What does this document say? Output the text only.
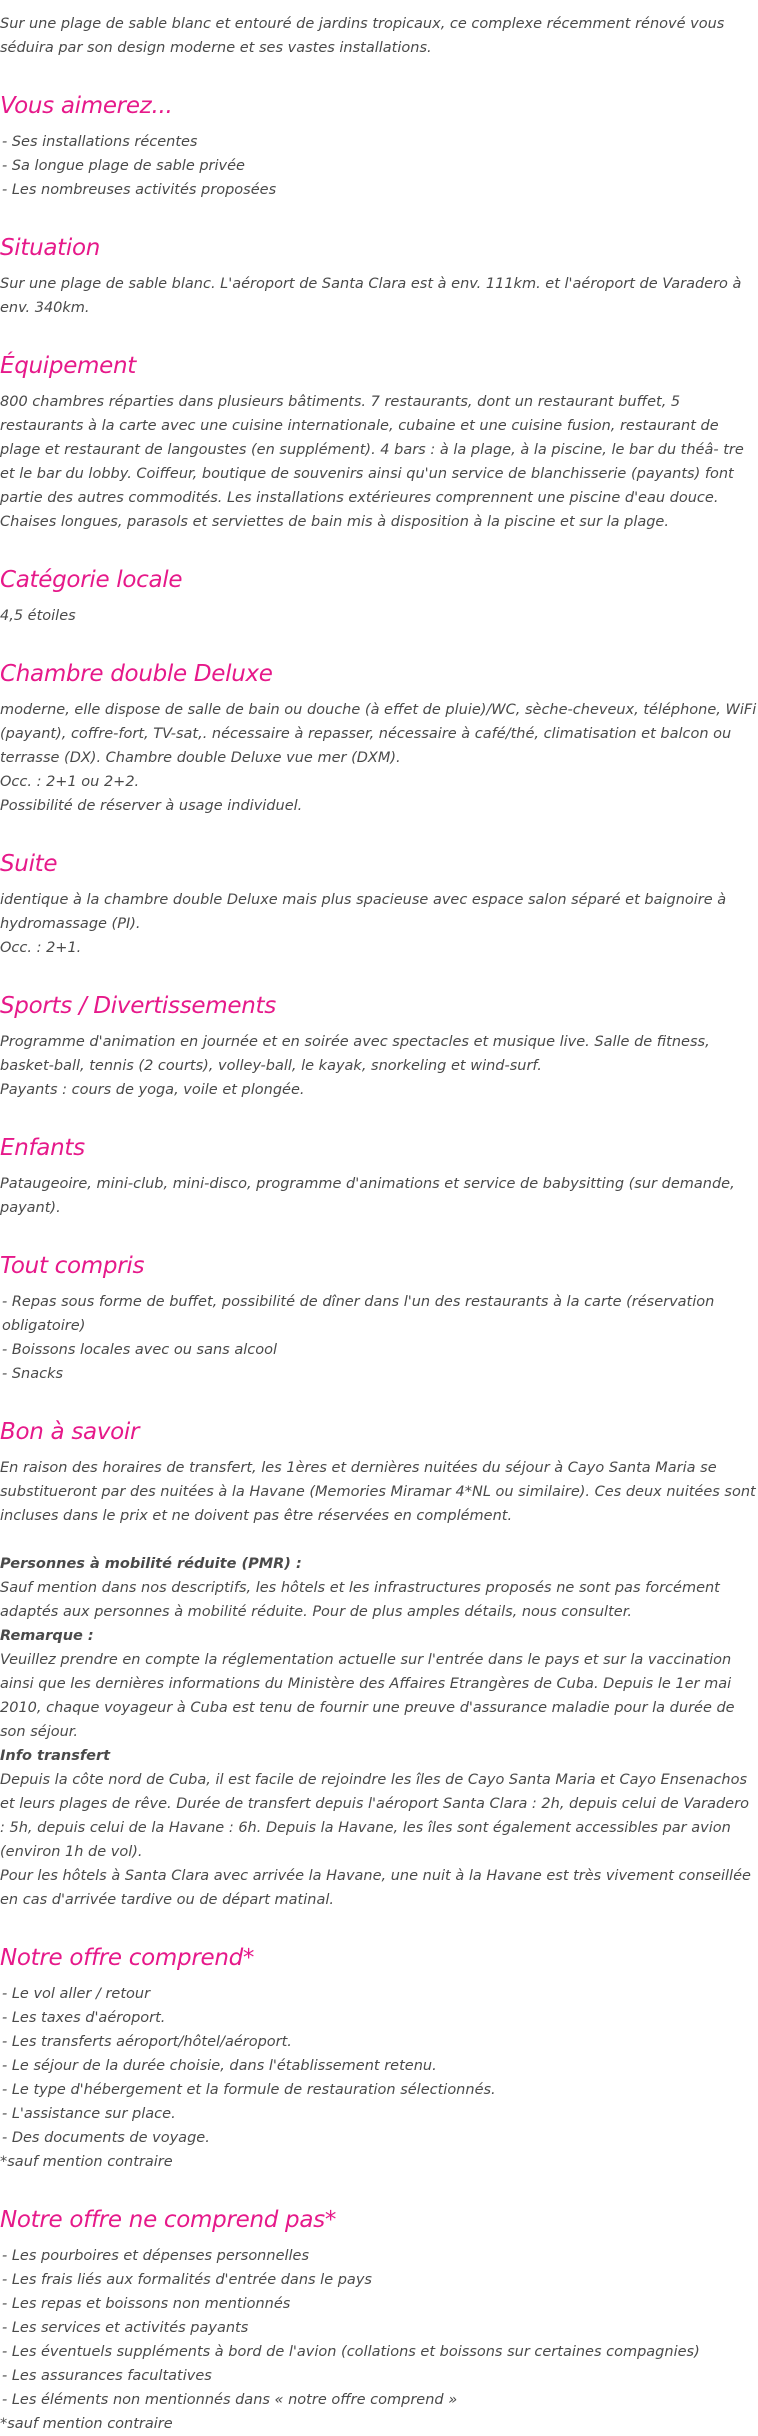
Sur une plage de sable blanc et entouré de jardins tropicaux, ce complexe récemment rénové vous séduira par son design moderne et ses vastes installations.

Vous aimerez...

- Ses installations récentes

- Sa longue plage de sable privée

- Les nombreuses activités proposées

Situation

Sur une plage de sable blanc. L'aéroport de Santa Clara est à env. 111km. et l'aéroport de Varadero à env. 340km.

Équipement

800 chambres réparties dans plusieurs bâtiments. 7 restaurants, dont un restaurant buffet, 5 restaurants à la carte avec une cuisine internationale, cubaine et une cuisine fusion, restaurant de plage et restaurant de langoustes (en supplément). 4 bars : à la plage, à la piscine, le bar du théâ- tre et le bar du lobby. Coiffeur, boutique de souvenirs ainsi qu'un service de blanchisserie (payants) font partie des autres commodités. Les installations extérieures comprennent une piscine d'eau douce. Chaises longues, parasols et serviettes de bain mis à disposition à la piscine et sur la plage.

Catégorie locale

4,5 étoiles

Chambre double Deluxe

moderne, elle dispose de salle de bain ou douche (à effet de pluie)/WC, sèche-cheveux, téléphone, WiFi (payant), coffre-fort, TV-sat,. nécessaire à repasser, nécessaire à café/thé, climatisation et balcon ou terrasse (DX). Chambre double Deluxe vue mer (DXM).

Occ. : 2+1 ou 2+2.

Possibilité de réserver à usage individuel.

Suite

identique à la chambre double Deluxe mais plus spacieuse avec espace salon séparé et baignoire à hydromassage (PI).

Occ. : 2+1.

Sports / Divertissements

Programme d'animation en journée et en soirée avec spectacles et musique live. Salle de fitness, basket-ball, tennis (2 courts), volley-ball, le kayak, snorkeling et wind-surf.

Payants : cours de yoga, voile et plongée.

Enfants

Pataugeoire, mini-club, mini-disco, programme d'animations et service de babysitting (sur demande, payant).

Tout compris

- Repas sous forme de buffet, possibilité de dîner dans l'un des restaurants à la carte (réservation obligatoire)

- Boissons locales avec ou sans alcool

- Snacks

Bon à savoir

En raison des horaires de transfert, les 1ères et dernières nuitées du séjour à Cayo Santa Maria se substitueront par des nuitées à la Havane (Memories Miramar 4*NL ou similaire). Ces deux nuitées sont incluses dans le prix et ne doivent pas être réservées en complément.

Personnes à mobilité réduite (PMR) :

Sauf mention dans nos descriptifs, les hôtels et les infrastructures proposés ne sont pas forcément adaptés aux personnes à mobilité réduite. Pour de plus amples détails, nous consulter.

Remarque :

Veuillez prendre en compte la réglementation actuelle sur l'entrée dans le pays et sur la vaccination ainsi que les dernières informations du Ministère des Affaires Etrangères de Cuba. Depuis le 1er mai 2010, chaque voyageur à Cuba est tenu de fournir une preuve d'assurance maladie pour la durée de son séjour.

Info transfert

Depuis la côte nord de Cuba, il est facile de rejoindre les îles de Cayo Santa Maria et Cayo Ensenachos et leurs plages de rêve. Durée de transfert depuis l'aéroport Santa Clara : 2h, depuis celui de Varadero : 5h, depuis celui de la Havane : 6h. Depuis la Havane, les îles sont également accessibles par avion (environ 1h de vol).

Pour les hôtels à Santa Clara avec arrivée la Havane, une nuit à la Havane est très vivement conseillée en cas d'arrivée tardive ou de départ matinal.

Notre offre comprend*

- Le vol aller / retour

- Les taxes d'aéroport.

- Les transferts aéroport/hôtel/aéroport.

- Le séjour de la durée choisie, dans l'établissement retenu.

- Le type d'hébergement et la formule de restauration sélectionnés.

- L'assistance sur place.

- Des documents de voyage.

*sauf mention contraire

Notre offre ne comprend pas*

- Les pourboires et dépenses personnelles

- Les frais liés aux formalités d'entrée dans le pays

- Les repas et boissons non mentionnés

- Les services et activités payants

- Les éventuels suppléments à bord de l'avion (collations et boissons sur certaines compagnies)

- Les assurances facultatives

- Les éléments non mentionnés dans « notre offre comprend »

*sauf mention contraire
